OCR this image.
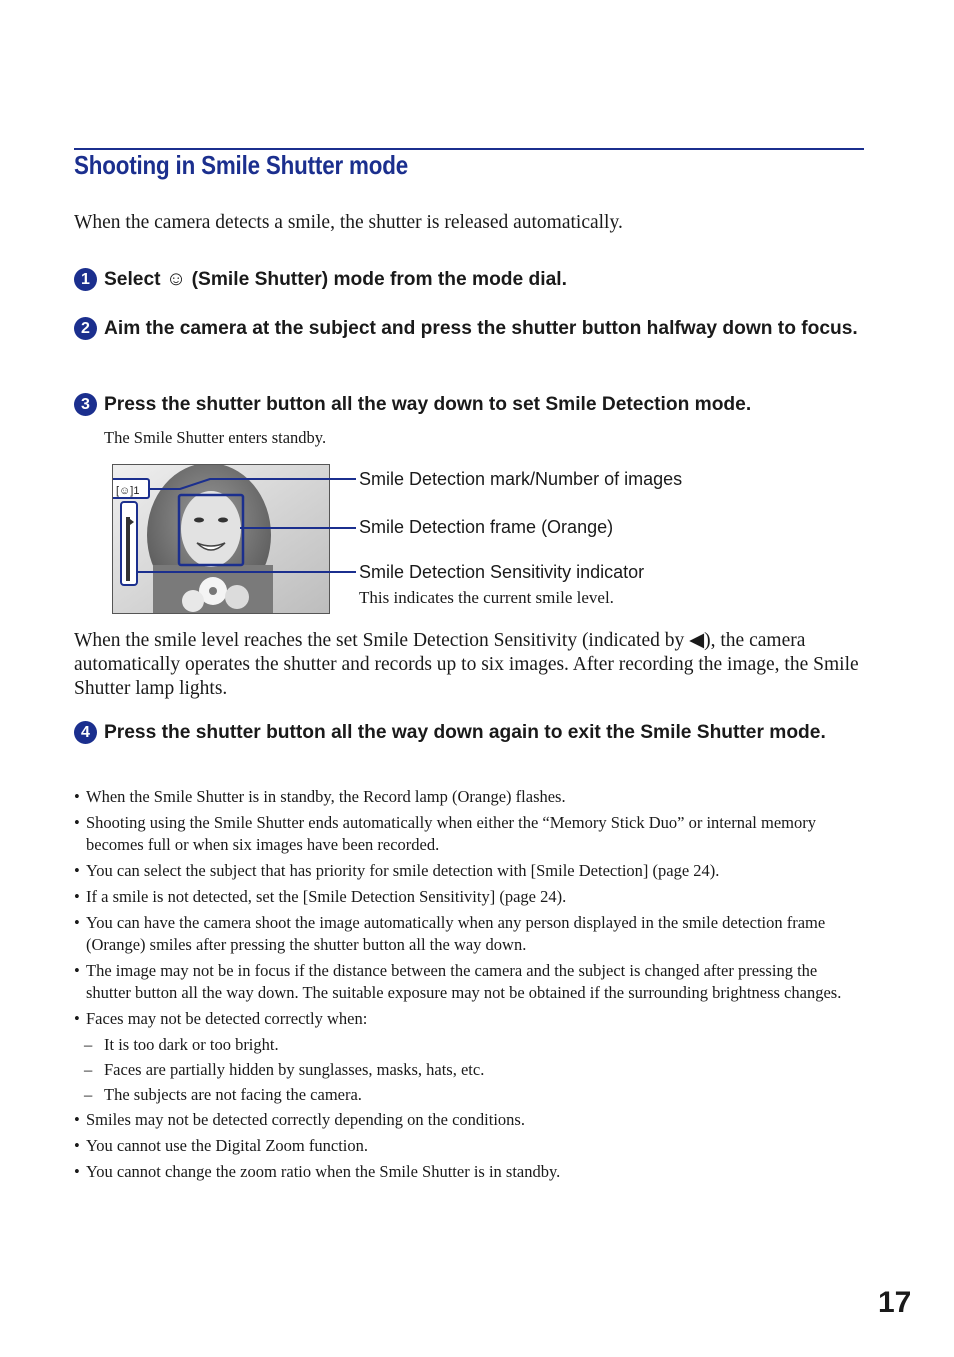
Shooting in Smile Shutter mode
When the camera detects a smile, the shutter is released automatically.
1 Select ☺ (Smile Shutter) mode from the mode dial.
2 Aim the camera at the subject and press the shutter button halfway down to focus.
3 Press the shutter button all the way down to set Smile Detection mode.
The Smile Shutter enters standby.
[☺]1
Smile Detection mark/Number of images
Smile Detection frame (Orange)
Smile Detection Sensitivity indicator
This indicates the current smile level.
When the smile level reaches the set Smile Detection Sensitivity (indicated by ◀), the camera automatically operates the shutter and records up to six images. After recording the image, the Smile Shutter lamp lights.
4 Press the shutter button all the way down again to exit the Smile Shutter mode.
• When the Smile Shutter is in standby, the Record lamp (Orange) flashes.
• Shooting using the Smile Shutter ends automatically when either the “Memory Stick Duo” or internal memory becomes full or when six images have been recorded.
• You can select the subject that has priority for smile detection with [Smile Detection] (page 24).
• If a smile is not detected, set the [Smile Detection Sensitivity] (page 24).
• You can have the camera shoot the image automatically when any person displayed in the smile detection frame (Orange) smiles after pressing the shutter button all the way down.
• The image may not be in focus if the distance between the camera and the subject is changed after pressing the shutter button all the way down. The suitable exposure may not be obtained if the surrounding brightness changes.
• Faces may not be detected correctly when:
– It is too dark or too bright.
– Faces are partially hidden by sunglasses, masks, hats, etc.
– The subjects are not facing the camera.
• Smiles may not be detected correctly depending on the conditions.
• You cannot use the Digital Zoom function.
• You cannot change the zoom ratio when the Smile Shutter is in standby.
17
